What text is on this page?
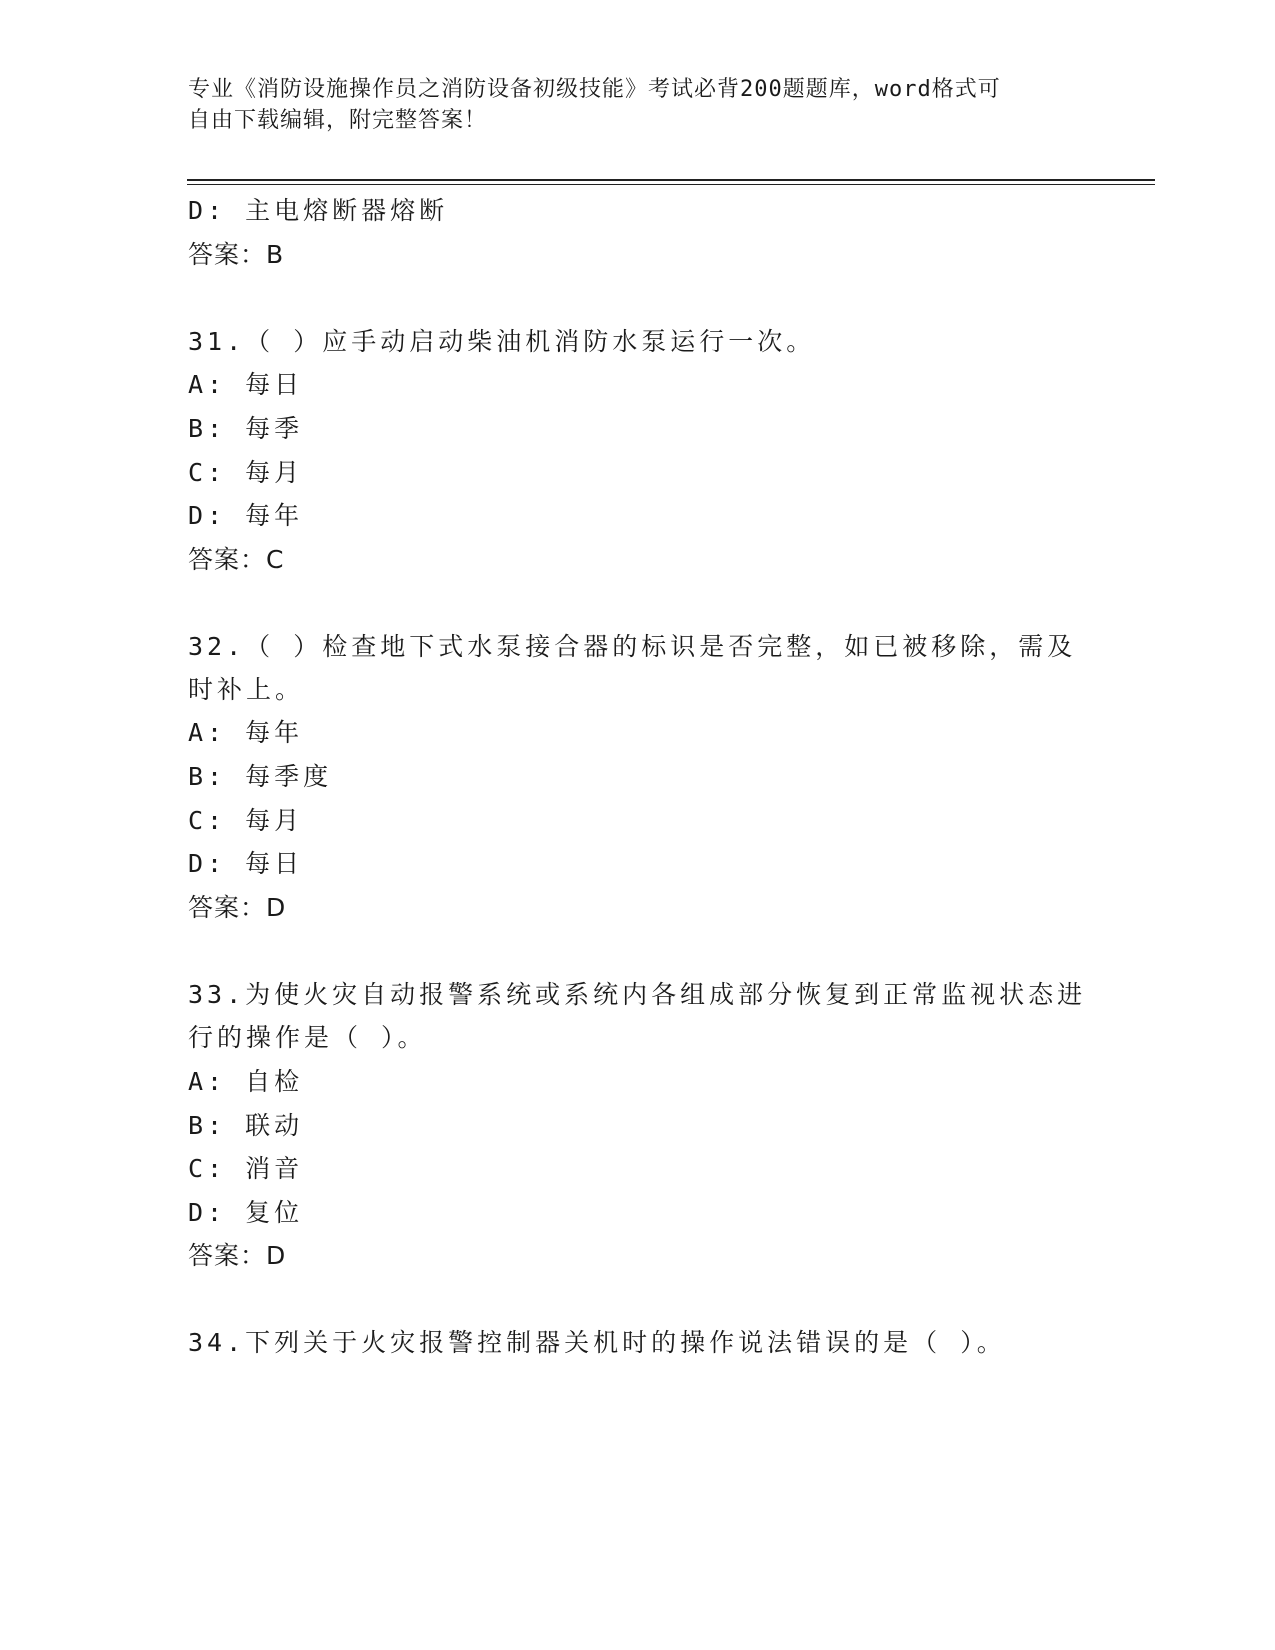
专业《消防设施操作员之消防设备初级技能》考试必背200题题库，word格式可
自由下载编辑，附完整答案！
D: 主电熔断器熔断
答案：B
31.（ ）应手动启动柴油机消防水泵运行一次。
A: 每日
B: 每季
C: 每月
D: 每年
答案：C
32.（ ）检查地下式水泵接合器的标识是否完整，如已被移除，需及
时补上。
A: 每年
B: 每季度
C: 每月
D: 每日
答案：D
33.为使火灾自动报警系统或系统内各组成部分恢复到正常监视状态进
行的操作是（ ）。
A: 自检
B: 联动
C: 消音
D: 复位
答案：D
34.下列关于火灾报警控制器关机时的操作说法错误的是（ ）。
